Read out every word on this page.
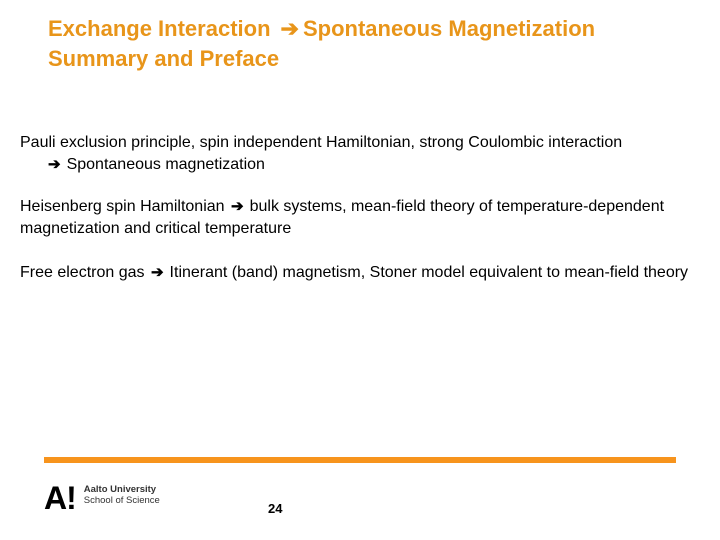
Exchange Interaction ➔ Spontaneous Magnetization
Summary and Preface
Pauli exclusion principle, spin independent Hamiltonian, strong Coulombic interaction
➔ Spontaneous magnetization
Heisenberg spin Hamiltonian ➔ bulk systems, mean-field theory of temperature-dependent magnetization and critical temperature
Free electron gas ➔ Itinerant (band) magnetism, Stoner model equivalent to mean-field theory
A! Aalto University
School of Science
24
